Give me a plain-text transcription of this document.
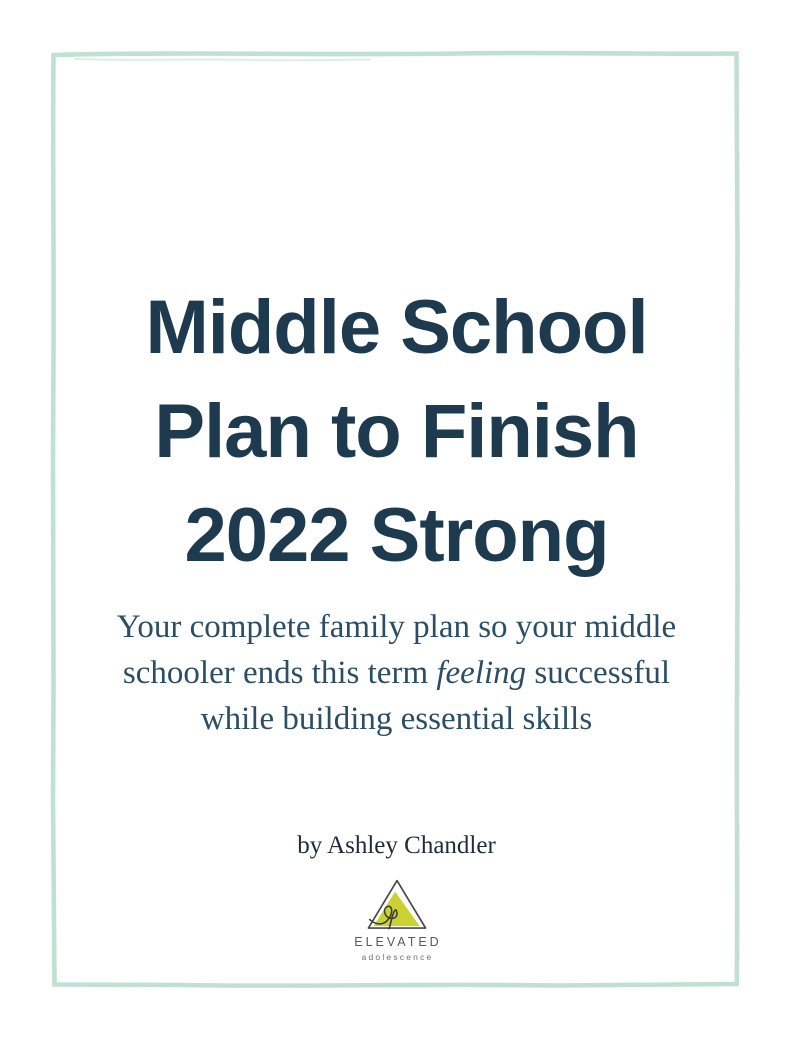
Middle School
Plan to Finish
2022 Strong

Your complete family plan so your middle
schooler ends this term feeling successful
while building essential skills

by Ashley Chandler

ELEVATED
adolescence
